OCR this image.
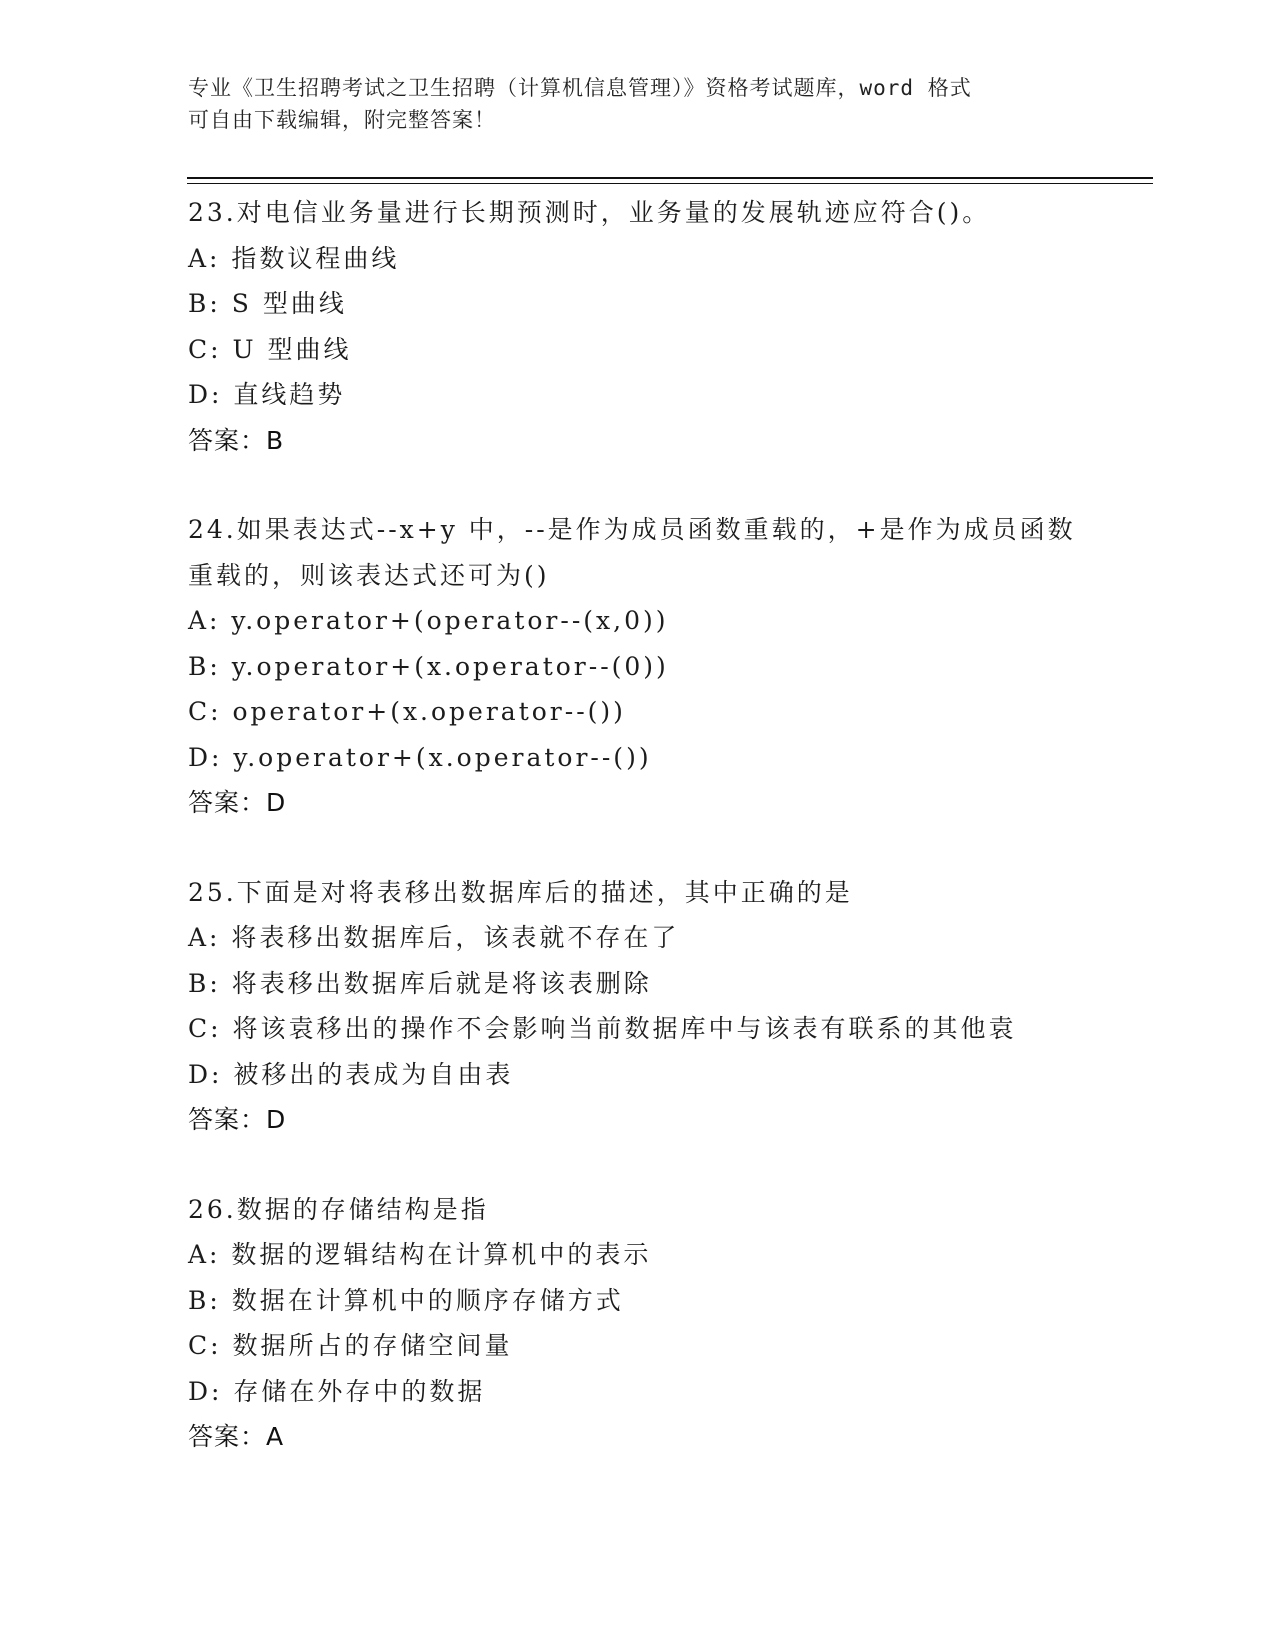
专业《卫生招聘考试之卫生招聘（计算机信息管理）》资格考试题库，word 格式
可自由下载编辑，附完整答案！
23.对电信业务量进行长期预测时，业务量的发展轨迹应符合()。
A: 指数议程曲线
B: S 型曲线
C: U 型曲线
D: 直线趋势
答案：B
24.如果表达式--x+y 中，--是作为成员函数重载的，+是作为成员函数重载的，则该表达式还可为()
A: y.operator+(operator--(x,0))
B: y.operator+(x.operator--(0))
C: operator+(x.operator--())
D: y.operator+(x.operator--())
答案：D
25.下面是对将表移出数据库后的描述，其中正确的是
A: 将表移出数据库后，该表就不存在了
B: 将表移出数据库后就是将该表删除
C: 将该袁移出的操作不会影响当前数据库中与该表有联系的其他袁
D: 被移出的表成为自由表
答案：D
26.数据的存储结构是指
A: 数据的逻辑结构在计算机中的表示
B: 数据在计算机中的顺序存储方式
C: 数据所占的存储空间量
D: 存储在外存中的数据
答案：A
